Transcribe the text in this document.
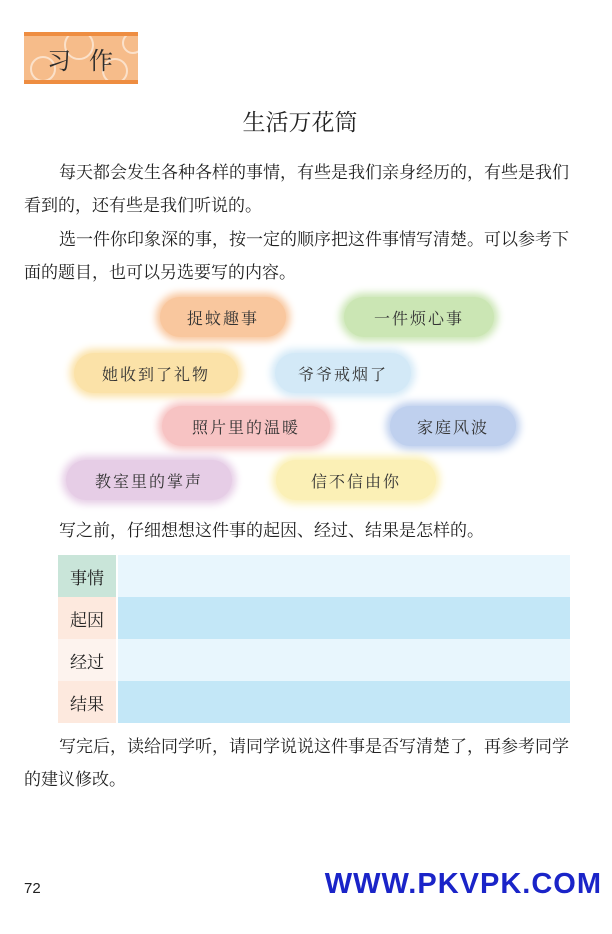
习作
生活万花筒

每天都会发生各种各样的事情，有些是我们亲身经历的，有些是我们看到的，还有些是我们听说的。

选一件你印象深的事，按一定的顺序把这件事情写清楚。可以参考下面的题目，也可以另选要写的内容。

捉蚊趣事	一件烦心事
她收到了礼物	爷爷戒烟了
照片里的温暖	家庭风波
教室里的掌声	信不信由你

写之前，仔细想想这件事的起因、经过、结果是怎样的。

事情
起因
经过
结果

写完后，读给同学听，请同学说说这件事是否写清楚了，再参考同学的建议修改。

72	WWW.PKVPK.COM
